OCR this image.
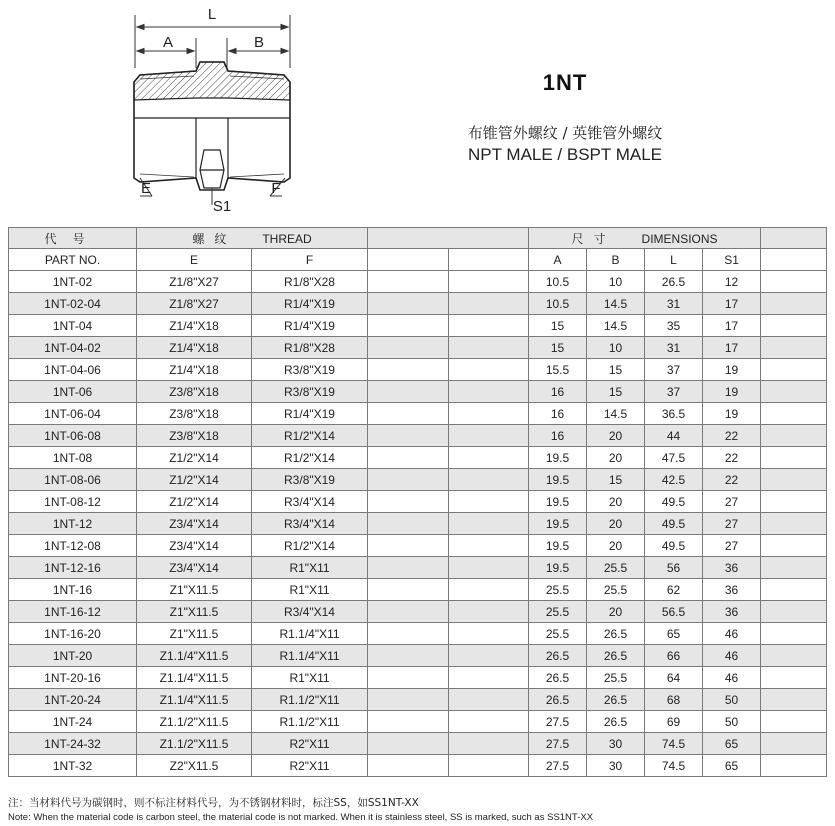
L
A	B
E	F
S1
1NT
布锥管外螺纹 / 英锥管外螺纹
NPT MALE / BSPT MALE
代号	螺纹 THREAD				尺寸 DIMENSIONS				
PART NO.	E	F			A	B	L	S1	
1NT-02	Z1/8"X27	R1/8"X28			10.5	10	26.5	12	
1NT-02-04	Z1/8"X27	R1/4"X19			10.5	14.5	31	17	
1NT-04	Z1/4"X18	R1/4"X19			15	14.5	35	17	
1NT-04-02	Z1/4"X18	R1/8"X28			15	10	31	17	
1NT-04-06	Z1/4"X18	R3/8"X19			15.5	15	37	19	
1NT-06	Z3/8"X18	R3/8"X19			16	15	37	19	
1NT-06-04	Z3/8"X18	R1/4"X19			16	14.5	36.5	19	
1NT-06-08	Z3/8"X18	R1/2"X14			16	20	44	22	
1NT-08	Z1/2"X14	R1/2"X14			19.5	20	47.5	22	
1NT-08-06	Z1/2"X14	R3/8"X19			19.5	15	42.5	22	
1NT-08-12	Z1/2"X14	R3/4"X14			19.5	20	49.5	27	
1NT-12	Z3/4"X14	R3/4"X14			19.5	20	49.5	27	
1NT-12-08	Z3/4"X14	R1/2"X14			19.5	20	49.5	27	
1NT-12-16	Z3/4"X14	R1"X11			19.5	25.5	56	36	
1NT-16	Z1"X11.5	R1"X11			25.5	25.5	62	36	
1NT-16-12	Z1"X11.5	R3/4"X14			25.5	20	56.5	36	
1NT-16-20	Z1"X11.5	R1.1/4"X11			25.5	26.5	65	46	
1NT-20	Z1.1/4"X11.5	R1.1/4"X11			26.5	26.5	66	46	
1NT-20-16	Z1.1/4"X11.5	R1"X11			26.5	25.5	64	46	
1NT-20-24	Z1.1/4"X11.5	R1.1/2"X11			26.5	26.5	68	50	
1NT-24	Z1.1/2"X11.5	R1.1/2"X11			27.5	26.5	69	50	
1NT-24-32	Z1.1/2"X11.5	R2"X11			27.5	30	74.5	65	
1NT-32	Z2"X11.5	R2"X11			27.5	30	74.5	65	
注：当材料代号为碳钢时，则不标注材料代号，为不锈钢材料时，标注SS，如SS1NT-XX
Note: When the material code is carbon steel, the material code is not marked. When it is stainless steel, SS is marked, such as SS1NT-XX
